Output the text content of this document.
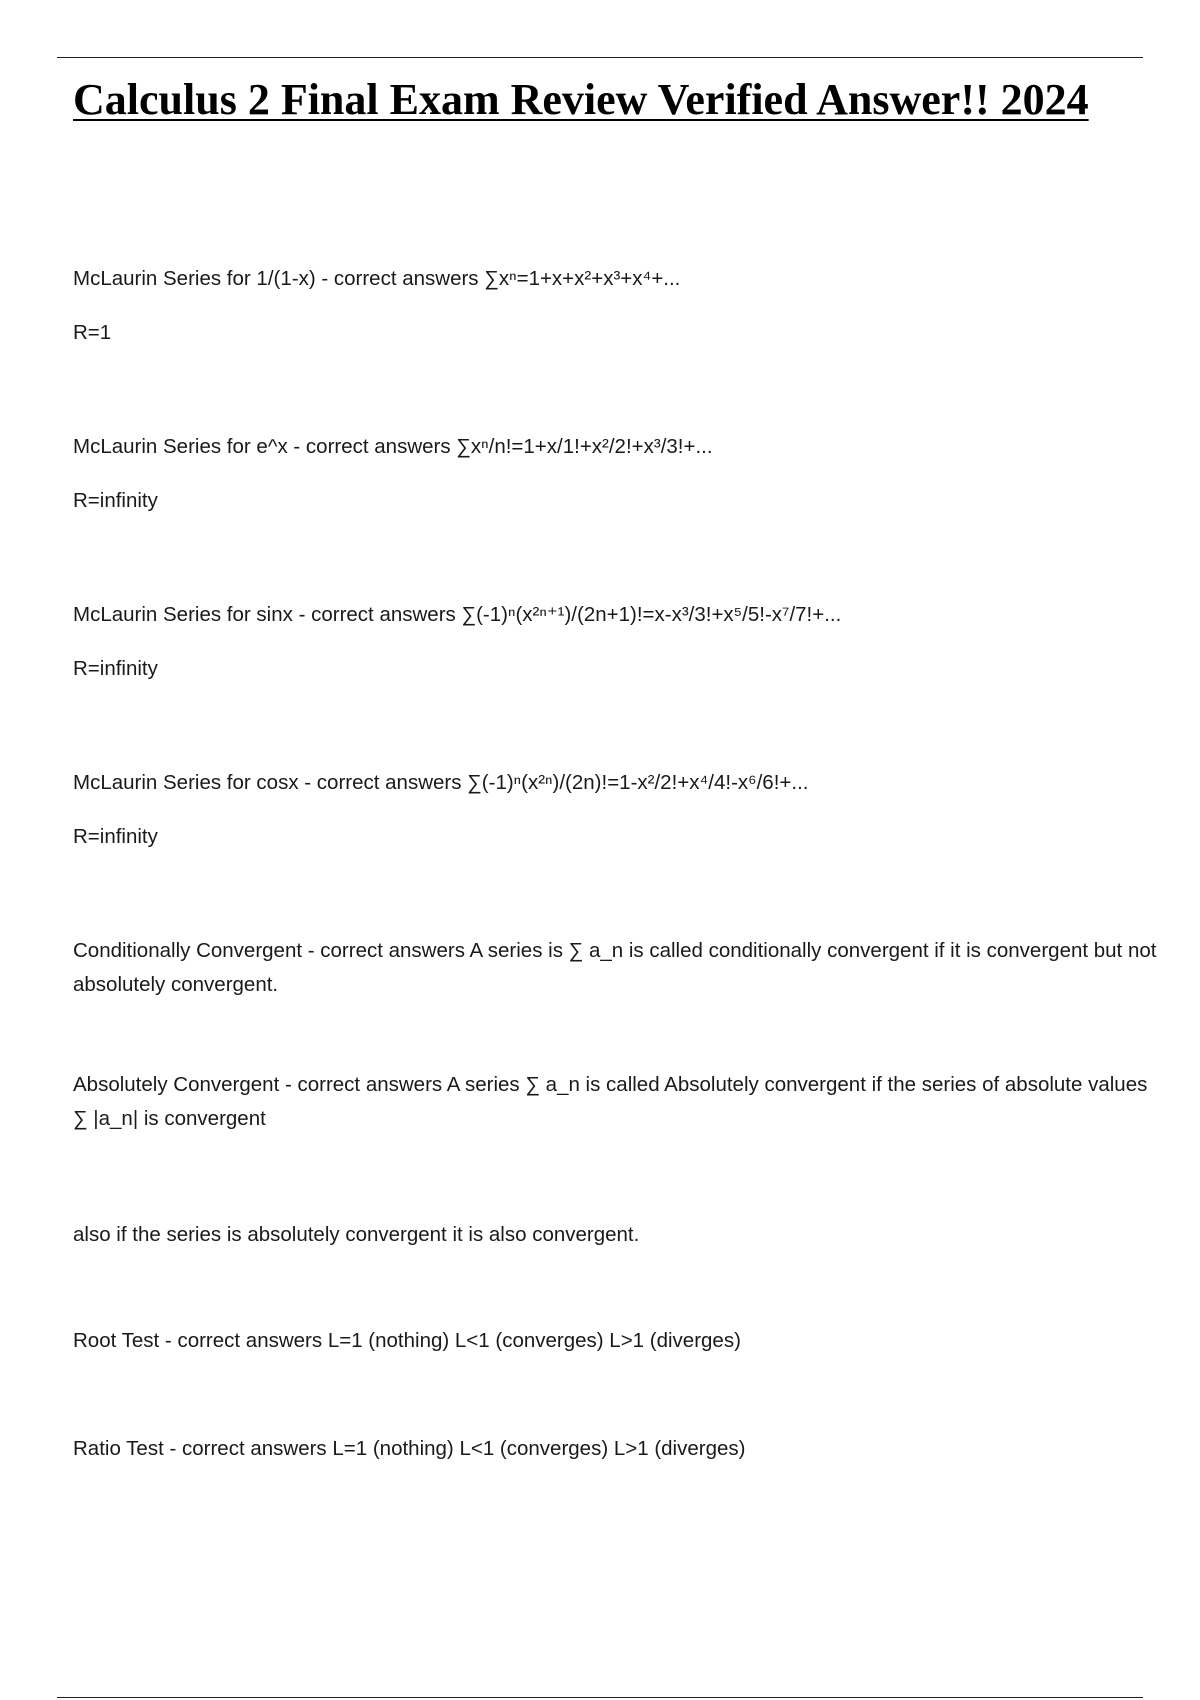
Calculus 2 Final Exam Review Verified Answer!! 2024

McLaurin Series for 1/(1-x) - correct answers ∑xⁿ=1+x+x²+x³+x⁴+...

R=1

McLaurin Series for e^x - correct answers ∑xⁿ/n!=1+x/1!+x²/2!+x³/3!+...

R=infinity

McLaurin Series for sinx - correct answers ∑(-1)ⁿ(x²ⁿ⁺¹)/(2n+1)!=x-x³/3!+x⁵/5!-x⁷/7!+...

R=infinity

McLaurin Series for cosx - correct answers ∑(-1)ⁿ(x²ⁿ)/(2n)!=1-x²/2!+x⁴/4!-x⁶/6!+...

R=infinity

Conditionally Convergent - correct answers A series is ∑ a_n is called conditionally convergent if it is convergent but not absolutely convergent.

Absolutely Convergent - correct answers A series ∑ a_n is called Absolutely convergent if the series of absolute values ∑ |a_n| is convergent

also if the series is absolutely convergent it is also convergent.

Root Test - correct answers L=1 (nothing) L<1 (converges) L>1 (diverges)

Ratio Test - correct answers L=1 (nothing) L<1 (converges) L>1 (diverges)
